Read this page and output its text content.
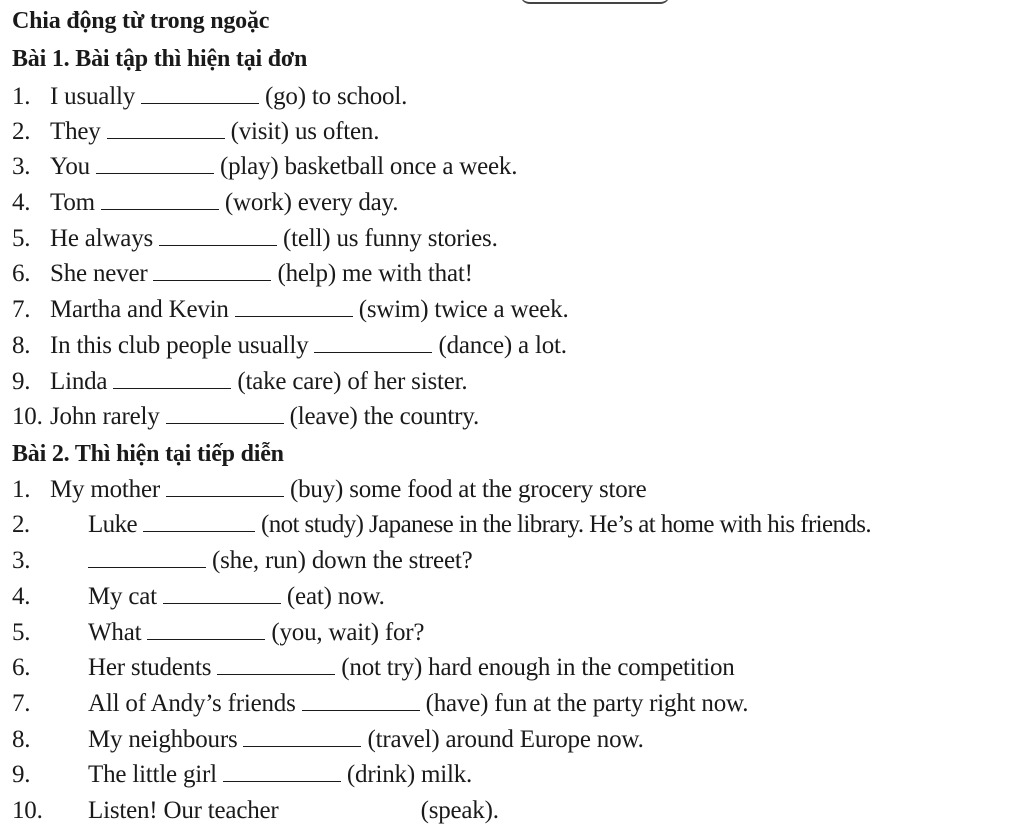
Chia động từ trong ngoặc
Bài 1. Bài tập thì hiện tại đơn
1. I usually	(go) to school.
2. They	(visit) us often.
3. You	(play) basketball once a week.
4. Tom	(work) every day.
5. He always	(tell) us funny stories.
6. She never	(help) me with that!
7. Martha and Kevin	(swim) twice a week.
8. In this club people usually	(dance) a lot.
9. Linda	(take care) of her sister.
10. John rarely	(leave) the country.
Bài 2. Thì hiện tại tiếp diễn
1. My mother	(buy) some food at the grocery store
2. Luke	(not study) Japanese in the library. He’s at home with his friends.
3.	(she, run) down the street?
4. My cat	(eat) now.
5. What	(you, wait) for?
6. Her students	(not try) hard enough in the competition
7. All of Andy’s friends	(have) fun at the party right now.
8. My neighbours	(travel) around Europe now.
9. The little girl	(drink) milk.
10. Listen! Our teacher	(speak).
